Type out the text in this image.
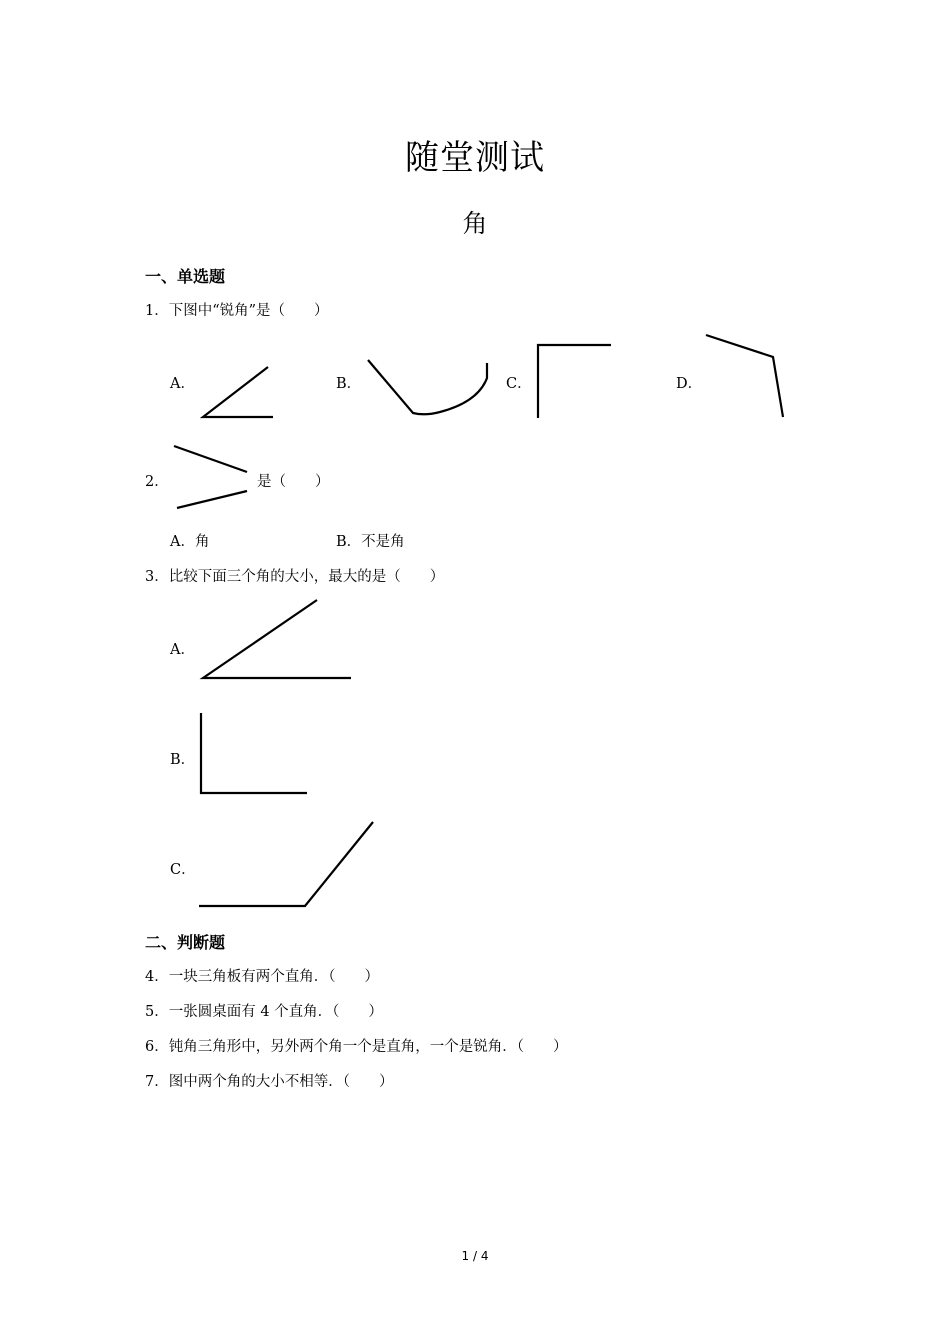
随堂测试
角
一、单选题
1．下图中“锐角”是（　　）
A．	B．	C．	D．
2．	是（　　）
A．角	B．不是角
3．比较下面三个角的大小，最大的是（　　）
A．
B．
C．
二、判断题
4．一块三角板有两个直角．（　　）
5．一张圆桌面有 4 个直角．（　　）
6．钝角三角形中，另外两个角一个是直角，一个是锐角．（　　）
7．图中两个角的大小不相等．（　　）
1 / 4
